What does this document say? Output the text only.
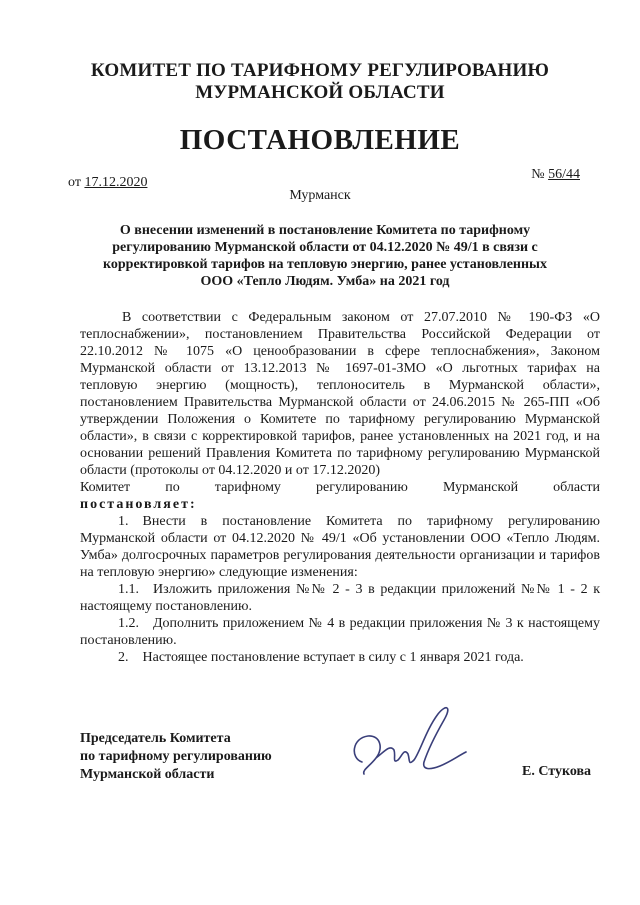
КОМИТЕТ ПО ТАРИФНОМУ РЕГУЛИРОВАНИЮ
МУРМАНСКОЙ ОБЛАСТИ
ПОСТАНОВЛЕНИЕ
от 17.12.2020
№ 56/44
Мурманск
О внесении изменений в постановление Комитета по тарифному
регулированию Мурманской области от 04.12.2020 № 49/1 в связи с
корректировкой тарифов на тепловую энергию, ранее установленных
ООО «Тепло Людям. Умба» на 2021 год

В соответствии с Федеральным законом от 27.07.2010 № 190-ФЗ «О теплоснабжении», постановлением Правительства Российской Федерации от 22.10.2012 № 1075 «О ценообразовании в сфере теплоснабжения», Законом Мурманской области от 13.12.2013 № 1697-01-ЗМО «О льготных тарифах на тепловую энергию (мощность), теплоноситель в Мурманской области», постановлением Правительства Мурманской области от 24.06.2015 № 265-ПП «Об утверждении Положения о Комитете по тарифному регулированию Мурманской области», в связи с корректировкой тарифов, ранее установленных на 2021 год, и на основании решений Правления Комитета по тарифному регулированию Мурманской области (протоколы от 04.12.2020 и от 17.12.2020)

Комитет	по	тарифному	регулированию	Мурманской	области

постановляет:

1. Внести в постановление Комитета по тарифному регулированию Мурманской области от 04.12.2020 № 49/1 «Об установлении ООО «Тепло Людям. Умба» долгосрочных параметров регулирования деятельности организации и тарифов на тепловую энергию» следующие изменения:

1.1. Изложить приложения №№ 2 - 3 в редакции приложений №№ 1 - 2 к настоящему постановлению.

1.2. Дополнить приложением № 4 в редакции приложения № 3 к настоящему постановлению.

2. Настоящее постановление вступает в силу с 1 января 2021 года.

Председатель Комитета
по тарифному регулированию
Мурманской области	Е. Стукова
